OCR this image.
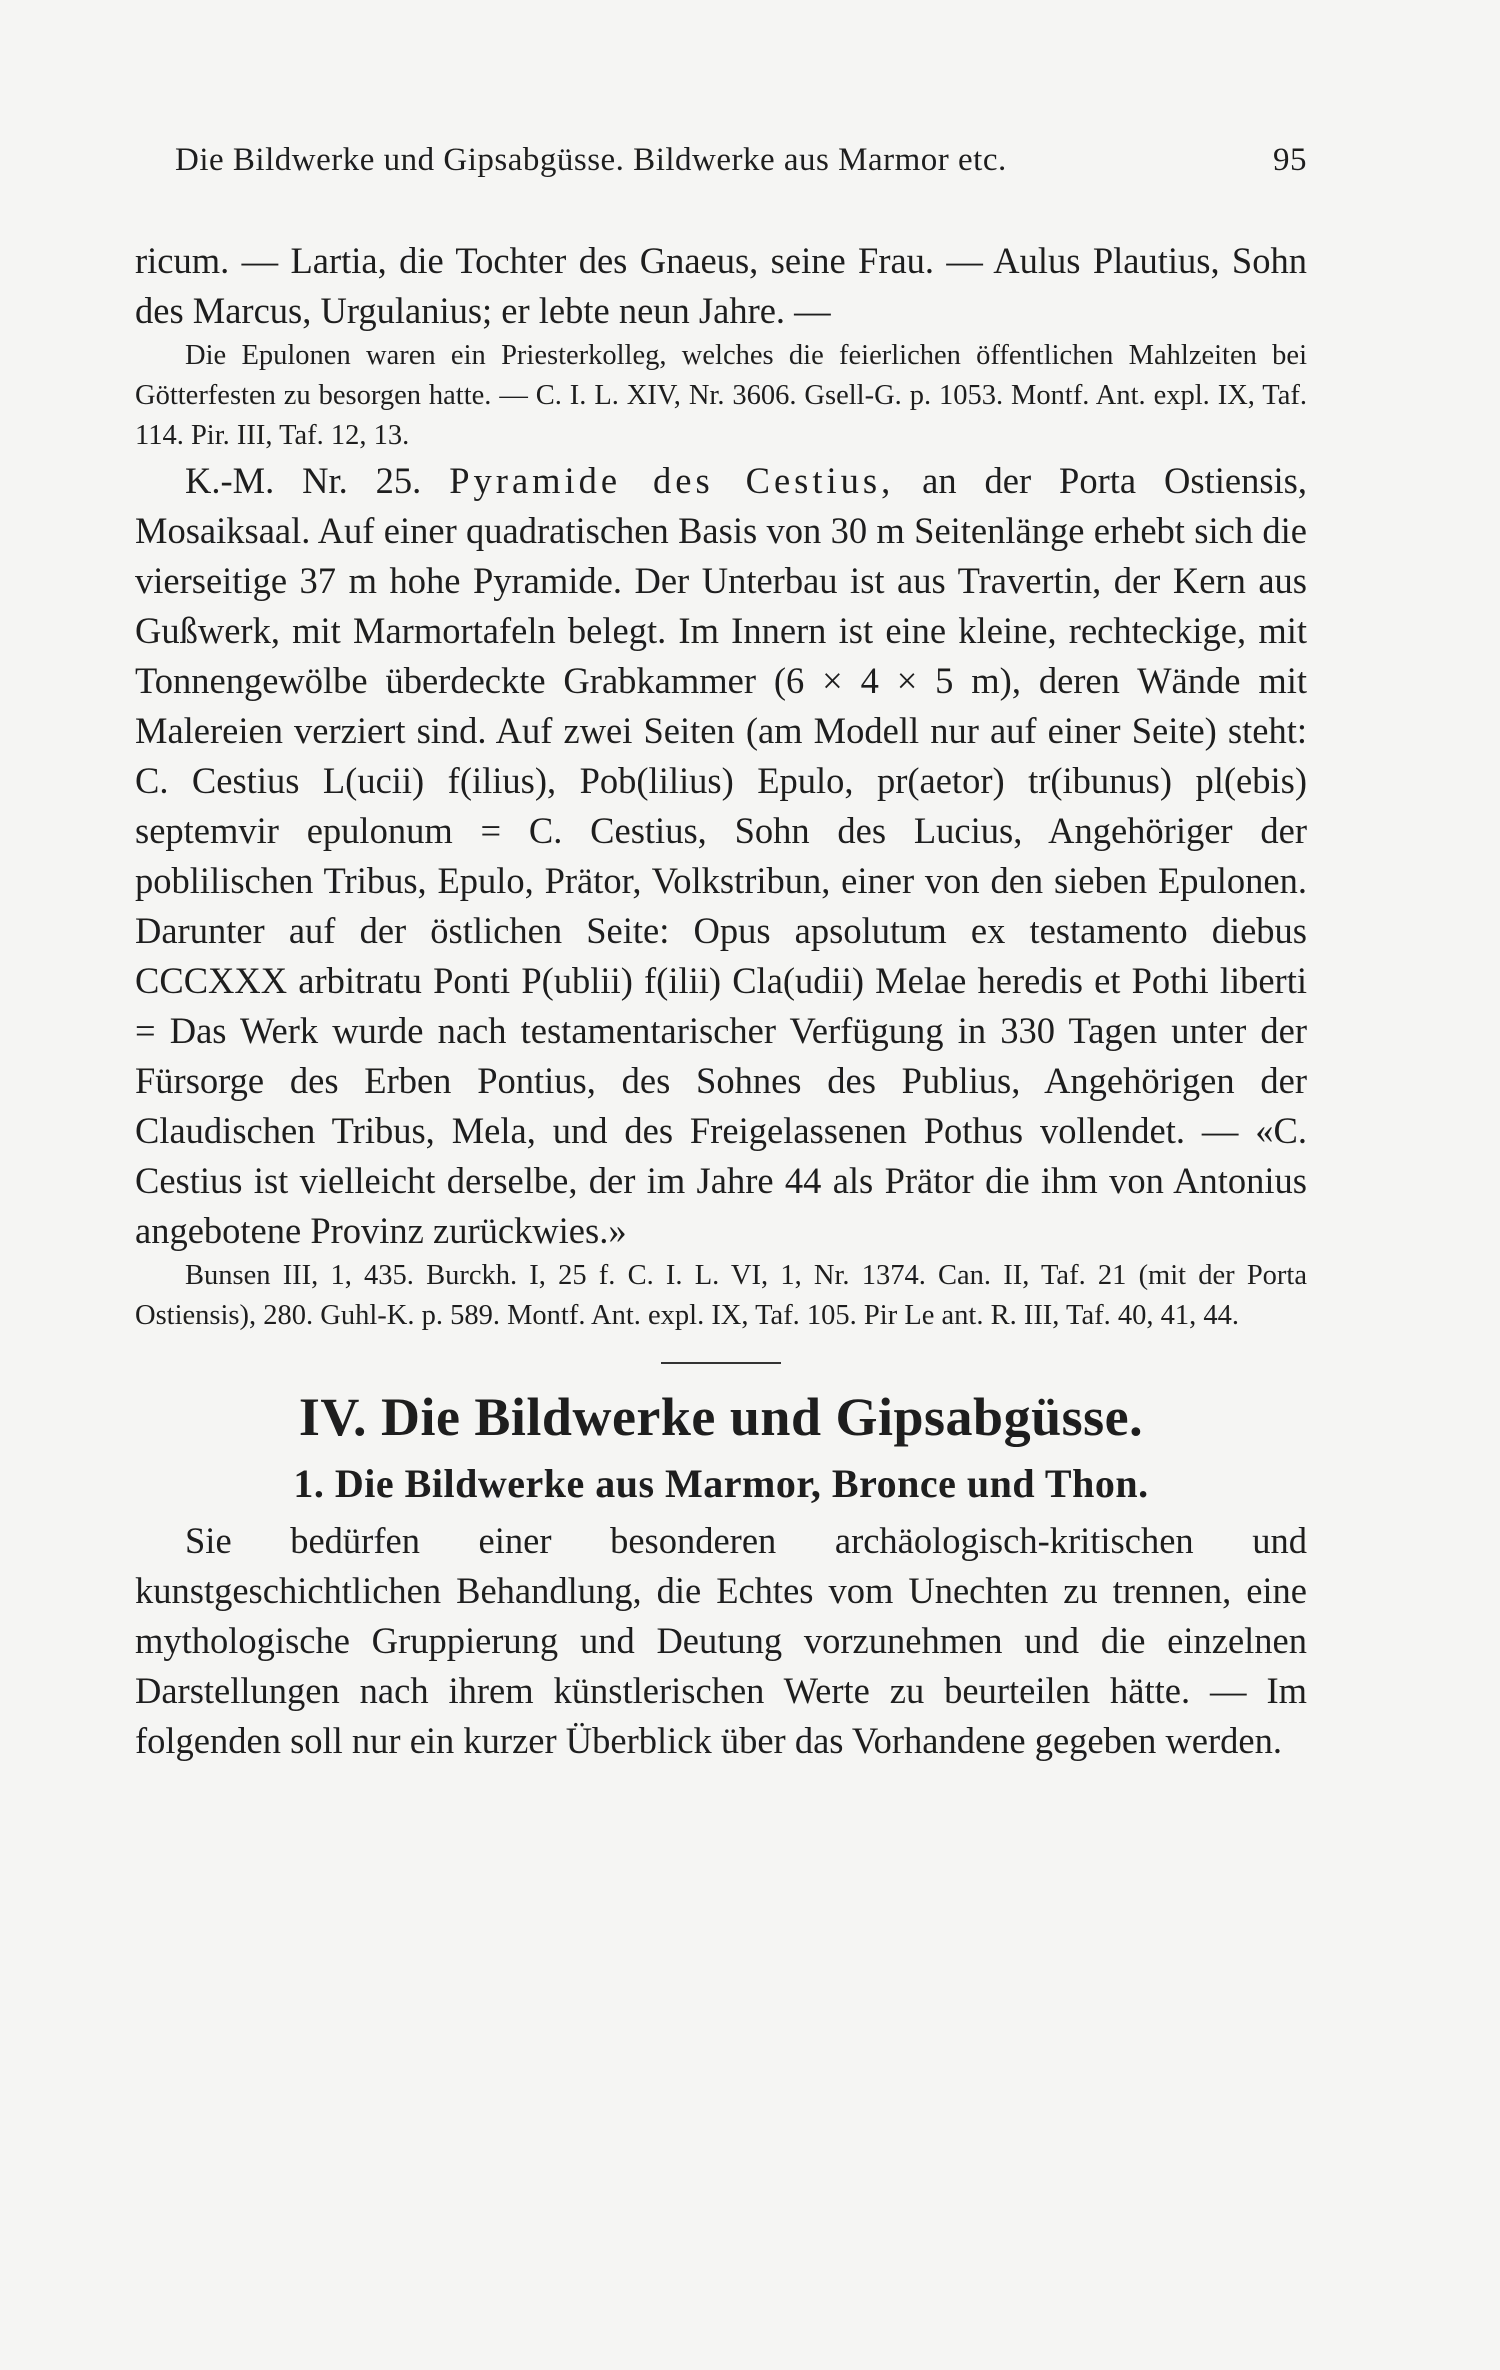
Die Bildwerke und Gipsabgüsse. Bildwerke aus Marmor etc.	95

ricum. — Lartia, die Tochter des Gnaeus, seine Frau. — Aulus Plautius, Sohn des Marcus, Urgulanius; er lebte neun Jahre. —

Die Epulonen waren ein Priesterkolleg, welches die feierlichen öffentlichen Mahlzeiten bei Götterfesten zu besorgen hatte. — C. I. L. XIV, Nr. 3606. Gsell-G. p. 1053. Montf. Ant. expl. IX, Taf. 114. Pir. III, Taf. 12, 13.

K.-M. Nr. 25. Pyramide des Cestius, an der Porta Ostiensis, Mosaiksaal. Auf einer quadratischen Basis von 30 m Seitenlänge erhebt sich die vierseitige 37 m hohe Pyramide. Der Unterbau ist aus Travertin, der Kern aus Gußwerk, mit Marmortafeln belegt. Im Innern ist eine kleine, rechteckige, mit Tonnengewölbe überdeckte Grabkammer (6 × 4 × 5 m), deren Wände mit Malereien verziert sind. Auf zwei Seiten (am Modell nur auf einer Seite) steht: C. Cestius L(ucii) f(ilius), Pob(lilius) Epulo, pr(aetor) tr(ibunus) pl(ebis) septemvir epulonum = C. Cestius, Sohn des Lucius, Angehöriger der poblilischen Tribus, Epulo, Prätor, Volkstribun, einer von den sieben Epulonen. Darunter auf der östlichen Seite: Opus apsolutum ex testamento diebus CCCXXX arbitratu Ponti P(ublii) f(ilii) Cla(udii) Melae heredis et Pothi liberti = Das Werk wurde nach testamentarischer Verfügung in 330 Tagen unter der Fürsorge des Erben Pontius, des Sohnes des Publius, Angehörigen der Claudischen Tribus, Mela, und des Freigelassenen Pothus vollendet. — «C. Cestius ist vielleicht derselbe, der im Jahre 44 als Prätor die ihm von Antonius angebotene Provinz zurückwies.»

Bunsen III, 1, 435. Burckh. I, 25 f. C. I. L. VI, 1, Nr. 1374. Can. II, Taf. 21 (mit der Porta Ostiensis), 280. Guhl-K. p. 589. Montf. Ant. expl. IX, Taf. 105. Pir Le ant. R. III, Taf. 40, 41, 44.

IV. Die Bildwerke und Gipsabgüsse.
1. Die Bildwerke aus Marmor, Bronce und Thon.

Sie bedürfen einer besonderen archäologisch-kritischen und kunstgeschichtlichen Behandlung, die Echtes vom Unechten zu trennen, eine mythologische Gruppierung und Deutung vorzunehmen und die einzelnen Darstellungen nach ihrem künstlerischen Werte zu beurteilen hätte. — Im folgenden soll nur ein kurzer Überblick über das Vorhandene gegeben werden.
